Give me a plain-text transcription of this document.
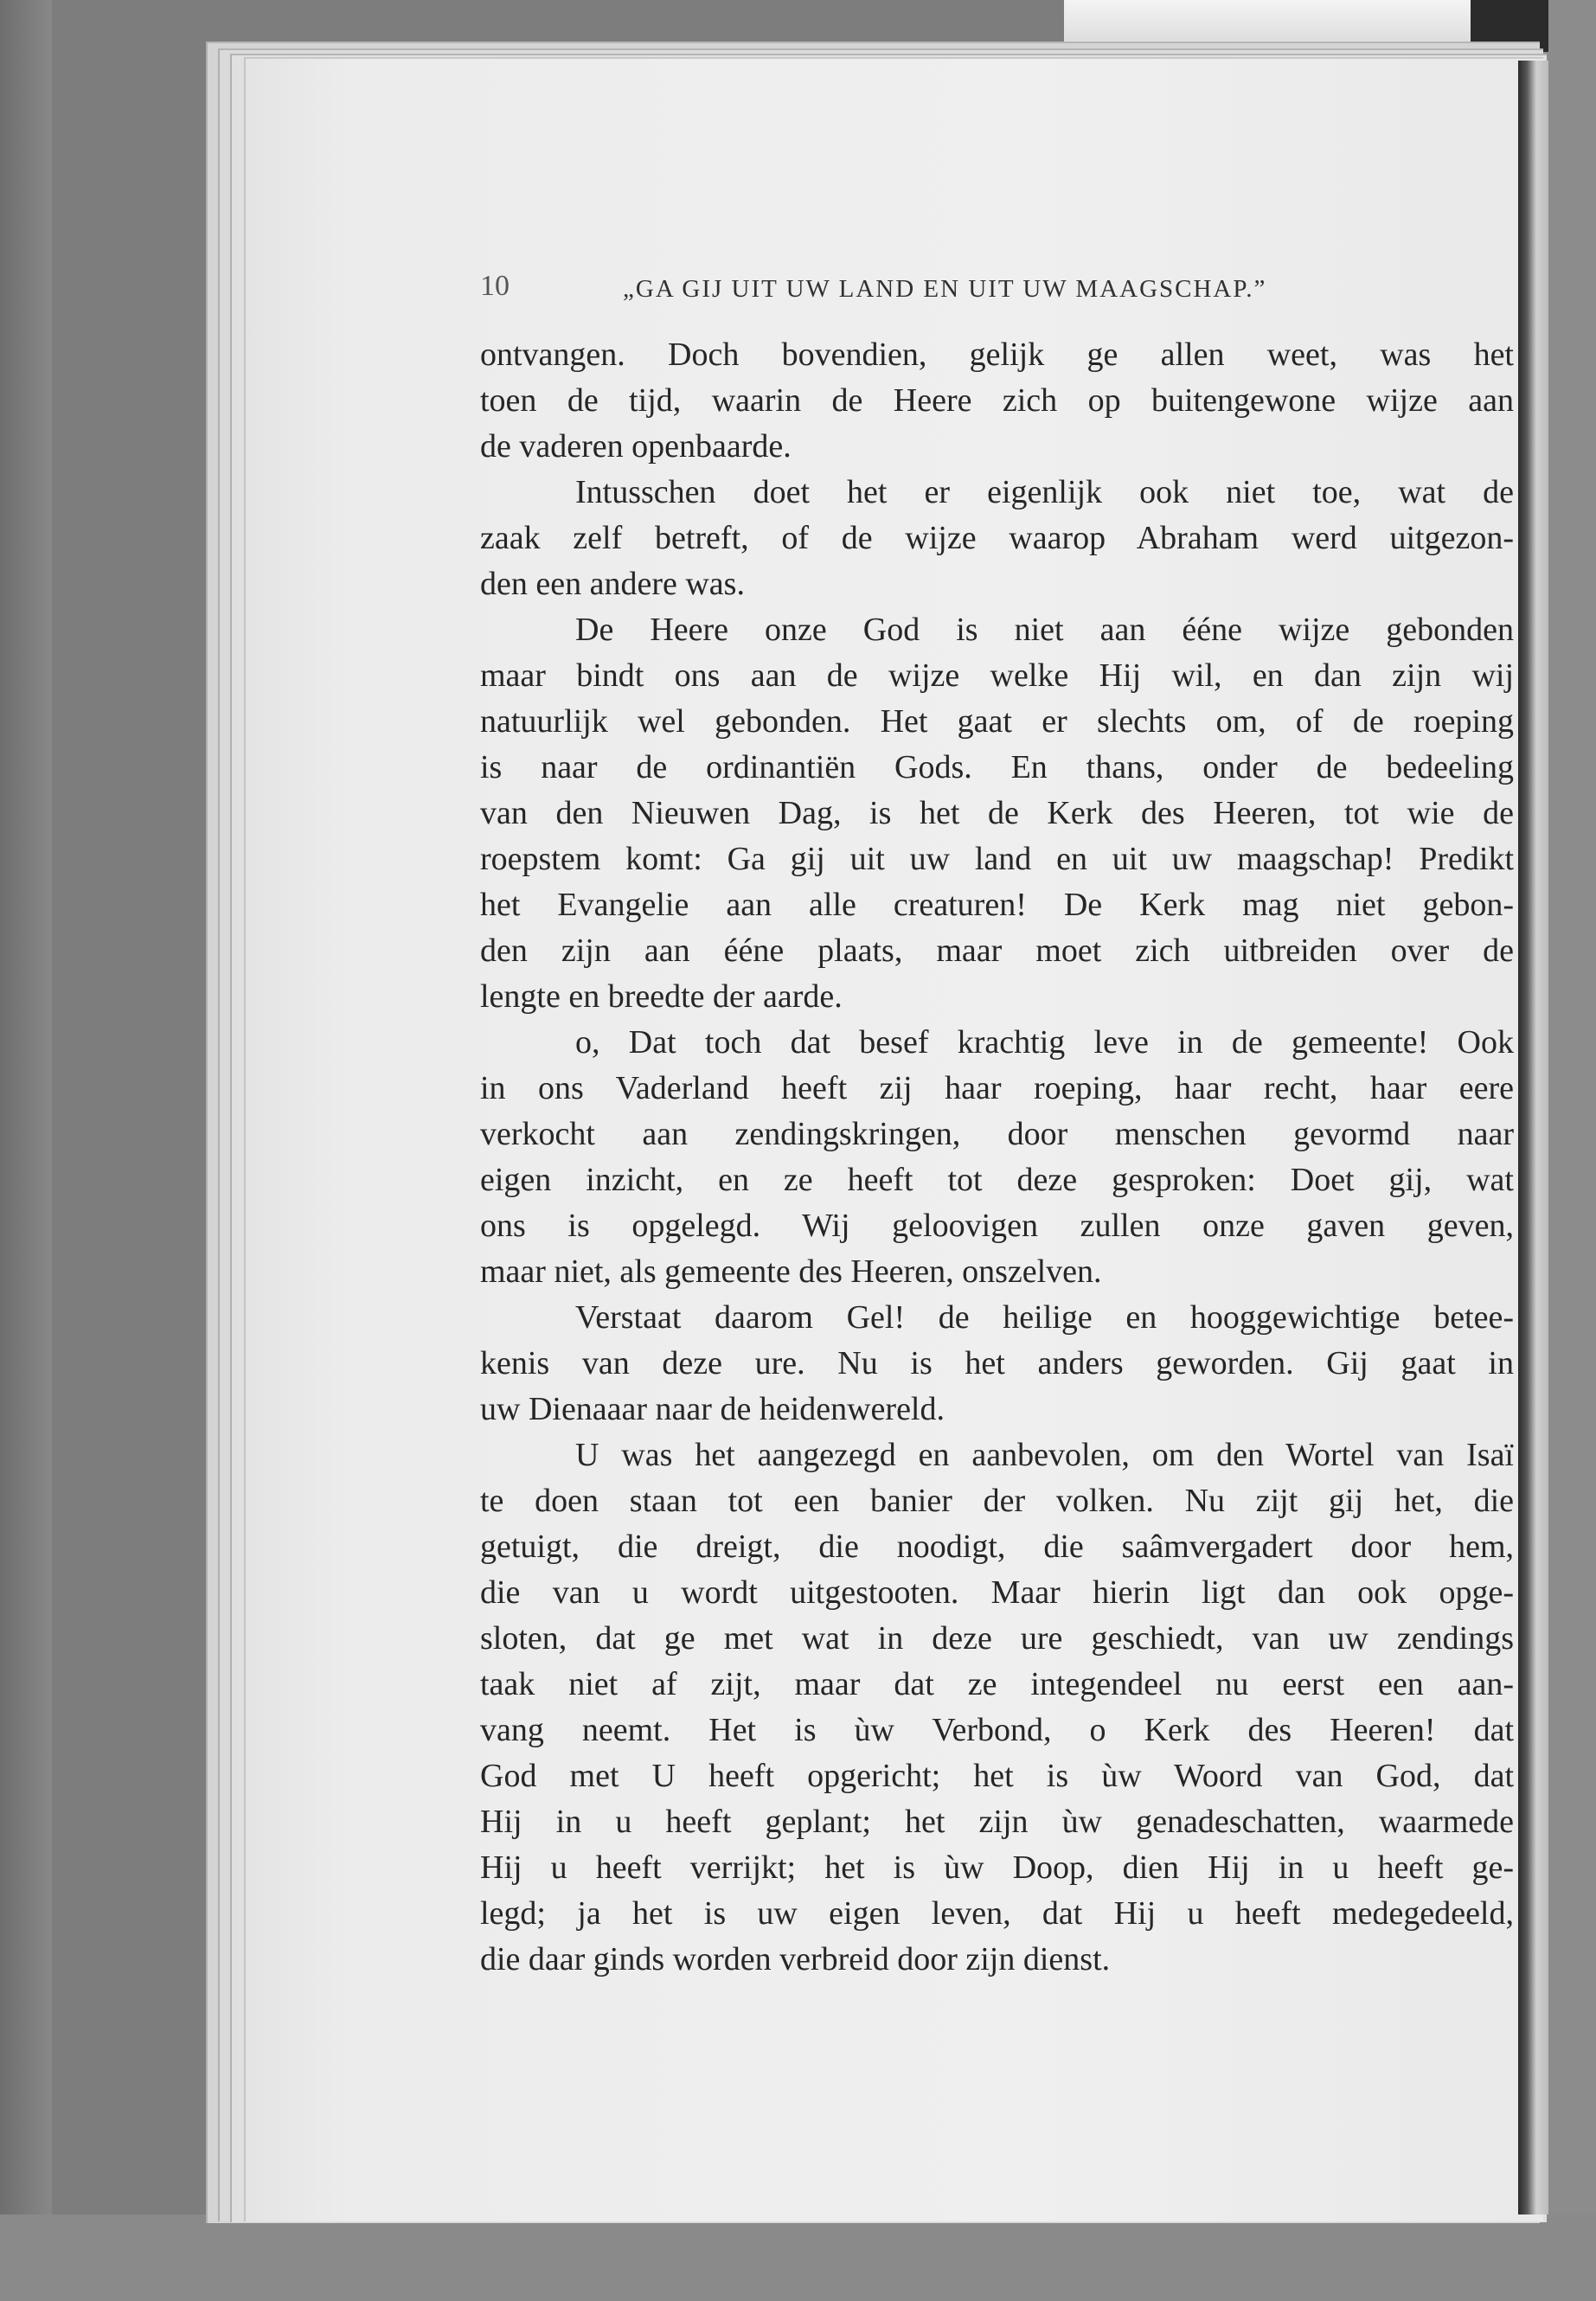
10	„GA GIJ UIT UW LAND EN UIT UW MAAGSCHAP.”
ontvangen. Doch bovendien, gelijk ge allen weet, was het
toen de tijd, waarin de Heere zich op buitengewone wijze aan
de vaderen openbaarde.
Intusschen doet het er eigenlijk ook niet toe, wat de
zaak zelf betreft, of de wijze waarop Abraham werd uitgezon-
den een andere was.
De Heere onze God is niet aan ééne wijze gebonden
maar bindt ons aan de wijze welke Hij wil, en dan zijn wij
natuurlijk wel gebonden. Het gaat er slechts om, of de roeping
is naar de ordinantiën Gods. En thans, onder de bedeeling
van den Nieuwen Dag, is het de Kerk des Heeren, tot wie de
roepstem komt: Ga gij uit uw land en uit uw maagschap! Predikt
het Evangelie aan alle creaturen! De Kerk mag niet gebon-
den zijn aan ééne plaats, maar moet zich uitbreiden over de
lengte en breedte der aarde.
o, Dat toch dat besef krachtig leve in de gemeente! Ook
in ons Vaderland heeft zij haar roeping, haar recht, haar eere
verkocht aan zendingskringen, door menschen gevormd naar
eigen inzicht, en ze heeft tot deze gesproken: Doet gij, wat
ons is opgelegd. Wij geloovigen zullen onze gaven geven,
maar niet, als gemeente des Heeren, onszelven.
Verstaat daarom Gel! de heilige en hooggewichtige betee-
kenis van deze ure. Nu is het anders geworden. Gij gaat in
uw Dienaaar naar de heidenwereld.
U was het aangezegd en aanbevolen, om den Wortel van Isaï
te doen staan tot een banier der volken. Nu zijt gij het, die
getuigt, die dreigt, die noodigt, die saâmvergadert door hem,
die van u wordt uitgestooten. Maar hierin ligt dan ook opge-
sloten, dat ge met wat in deze ure geschiedt, van uw zendings
taak niet af zijt, maar dat ze integendeel nu eerst een aan-
vang neemt. Het is ùw Verbond, o Kerk des Heeren! dat
God met U heeft opgericht; het is ùw Woord van God, dat
Hij in u heeft geplant; het zijn ùw genadeschatten, waarmede
Hij u heeft verrijkt; het is ùw Doop, dien Hij in u heeft ge-
legd; ja het is uw eigen leven, dat Hij u heeft medegedeeld,
die daar ginds worden verbreid door zijn dienst.
